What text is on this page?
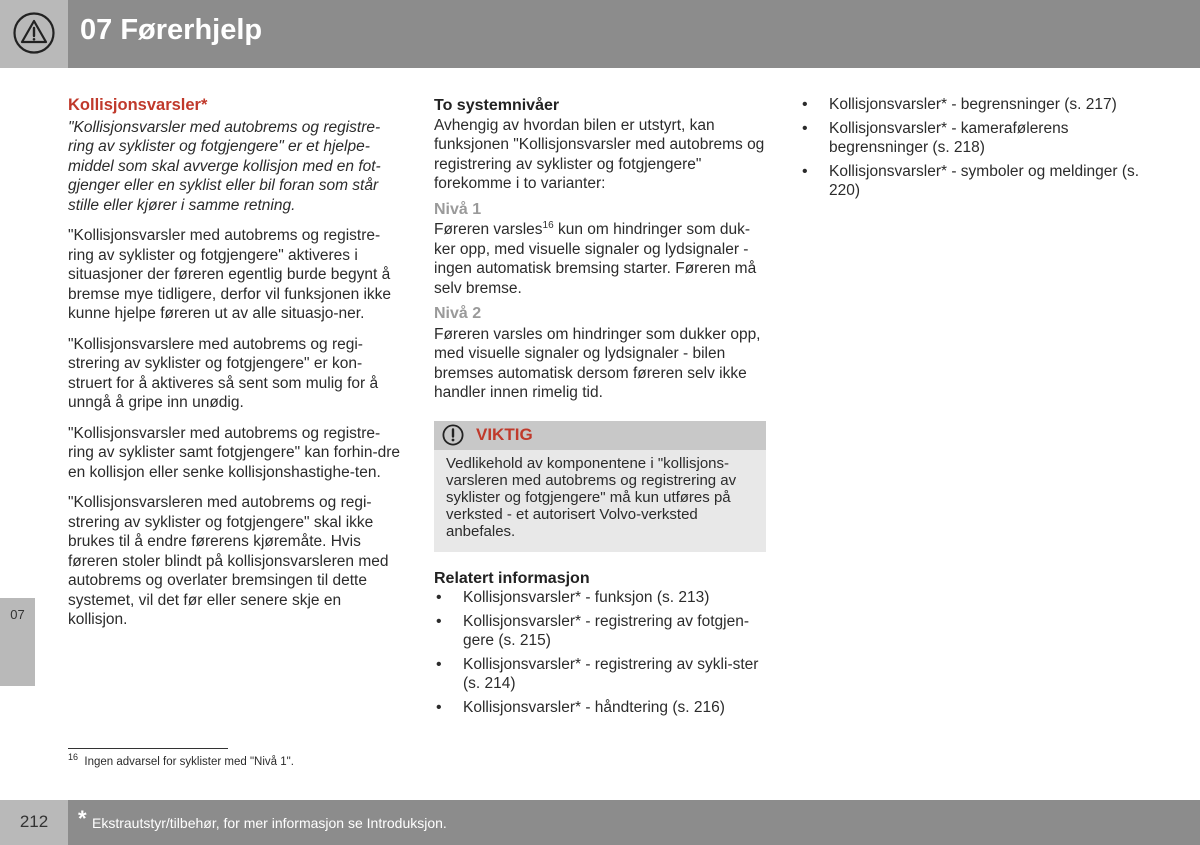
07 Førerhjelp
07
Kollisjonsvarsler*

"Kollisjonsvarsler med autobrems og registre-ring av syklister og fotgjengere" er et hjelpe-middel som skal avverge kollisjon med en fot-gjenger eller en syklist eller bil foran som står stille eller kjører i samme retning.

"Kollisjonsvarsler med autobrems og registre-ring av syklister og fotgjengere" aktiveres i situasjoner der føreren egentlig burde begynt å bremse mye tidligere, derfor vil funksjonen ikke kunne hjelpe føreren ut av alle situasjo-ner.

"Kollisjonsvarslere med autobrems og regi-strering av syklister og fotgjengere" er kon-struert for å aktiveres så sent som mulig for å unngå å gripe inn unødig.

"Kollisjonsvarsler med autobrems og registre-ring av syklister samt fotgjengere" kan forhin-dre en kollisjon eller senke kollisjonshastighe-ten.

"Kollisjonsvarsleren med autobrems og regi-strering av syklister og fotgjengere" skal ikke brukes til å endre førerens kjøremåte. Hvis føreren stoler blindt på kollisjonsvarsleren med autobrems og overlater bremsingen til dette systemet, vil det før eller senere skje en kollisjon.

To systemnivåer

Avhengig av hvordan bilen er utstyrt, kan funksjonen "Kollisjonsvarsler med autobrems og registrering av syklister og fotgjengere" forekomme i to varianter:

Nivå 1

Føreren varsles$^{16}$ kun om hindringer som duk-ker opp, med visuelle signaler og lydsignaler - ingen automatisk bremsing starter. Føreren må selv bremse.

Nivå 2

Føreren varsles om hindringer som dukker opp, med visuelle signaler og lydsignaler - bilen bremses automatisk dersom føreren selv ikke handler innen rimelig tid.

VIKTIG
Vedlikehold av komponentene i "kollisjons-varsleren med autobrems og registrering av syklister og fotgjengere" må kun utføres på verksted - et autorisert Volvo-verksted anbefales.
Relatert informasjon
• Kollisjonsvarsler* - funksjon (s. 213)
• Kollisjonsvarsler* - registrering av fotgjen-gere (s. 215)
• Kollisjonsvarsler* - registrering av sykli-ster (s. 214)
• Kollisjonsvarsler* - håndtering (s. 216)
• Kollisjonsvarsler* - begrensninger (s. 217)
• Kollisjonsvarsler* - kamerafølerens begrensninger (s. 218)
• Kollisjonsvarsler* - symboler og meldinger (s. 220)
$^{16}$ Ingen advarsel for syklister med "Nivå 1".
212	* Ekstrautstyr/tilbehør, for mer informasjon se Introduksjon.
